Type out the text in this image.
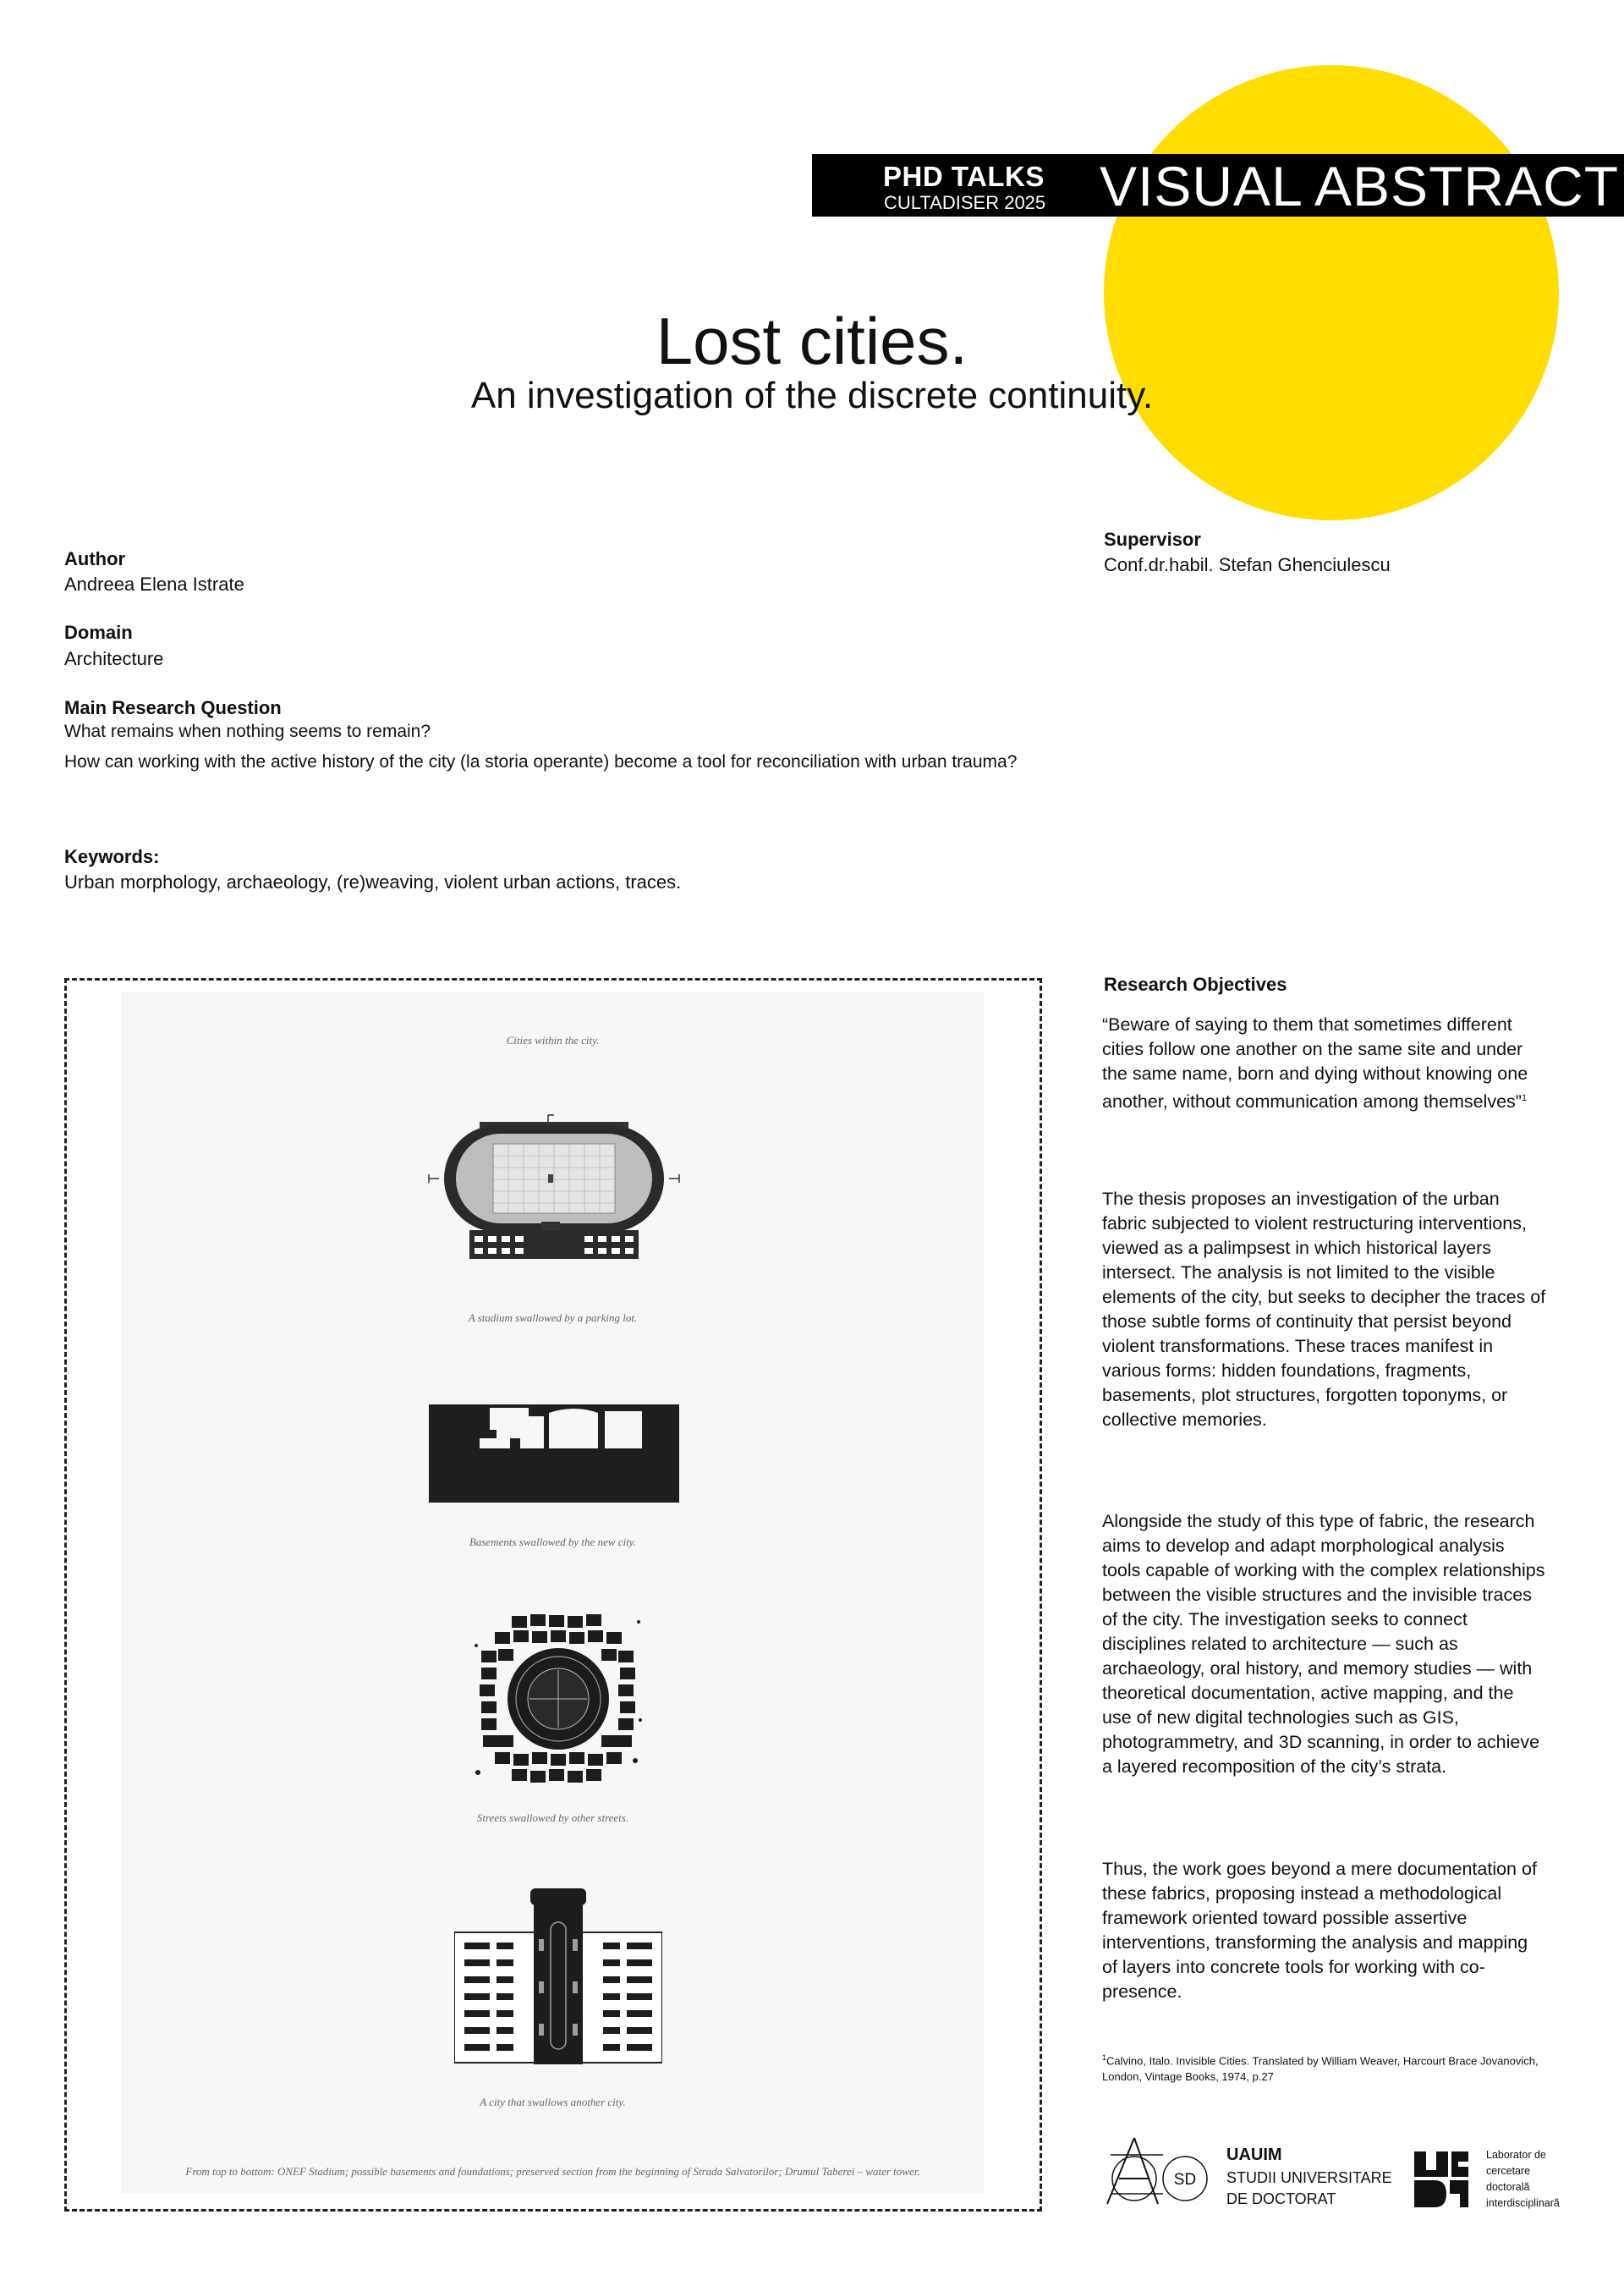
PHD TALKS
CULTADISER 2025 VISUAL ABSTRACT
Lost cities.
An investigation of the discrete continuity.
Author
Andreea Elena Istrate
Supervisor
Conf.dr.habil. Stefan Ghenciulescu
Domain
Architecture
Main Research Question
What remains when nothing seems to remain?
How can working with the active history of the city (la storia operante) become a tool for reconciliation with urban trauma?
Keywords:
Urban morphology, archaeology, (re)weaving, violent urban actions, traces.
Cities within the city.
A stadium swallowed by a parking lot.
Basements swallowed by the new city.
Streets swallowed by other streets.
A city that swallows another city.
From top to bottom: ONEF Stadium; possible basements and foundations; preserved section from the beginning of Strada Salvatorilor; Drumul Taberei – water tower.
Research Objectives
“Beware of saying to them that sometimes different cities follow one another on the same site and under the same name, born and dying without knowing one another, without communication among themselves”$^1$
The thesis proposes an investigation of the urban fabric subjected to violent restructuring interventions, viewed as a palimpsest in which historical layers intersect. The analysis is not limited to the visible elements of the city, but seeks to decipher the traces of those subtle forms of continuity that persist beyond violent transformations. These traces manifest in various forms: hidden foundations, fragments, basements, plot structures, forgotten toponyms, or collective memories.
Alongside the study of this type of fabric, the research aims to develop and adapt morphological analysis tools capable of working with the complex relationships between the visible structures and the invisible traces of the city. The investigation seeks to connect disciplines related to architecture — such as archaeology, oral history, and memory studies — with theoretical documentation, active mapping, and the use of new digital technologies such as GIS, photogrammetry, and 3D scanning, in order to achieve a layered recomposition of the city’s strata.
Thus, the work goes beyond a mere documentation of these fabrics, proposing instead a methodological framework oriented toward possible assertive interventions, transforming the analysis and mapping of layers into concrete tools for working with co-presence.
$^1$Calvino, Italo. Invisible Cities. Translated by William Weaver, Harcourt Brace Jovanovich, London, Vintage Books, 1974, p.27
SD
UAUIM
STUDII UNIVERSITARE
DE DOCTORAT
Laborator de
cercetare
doctorală
interdisciplinară
